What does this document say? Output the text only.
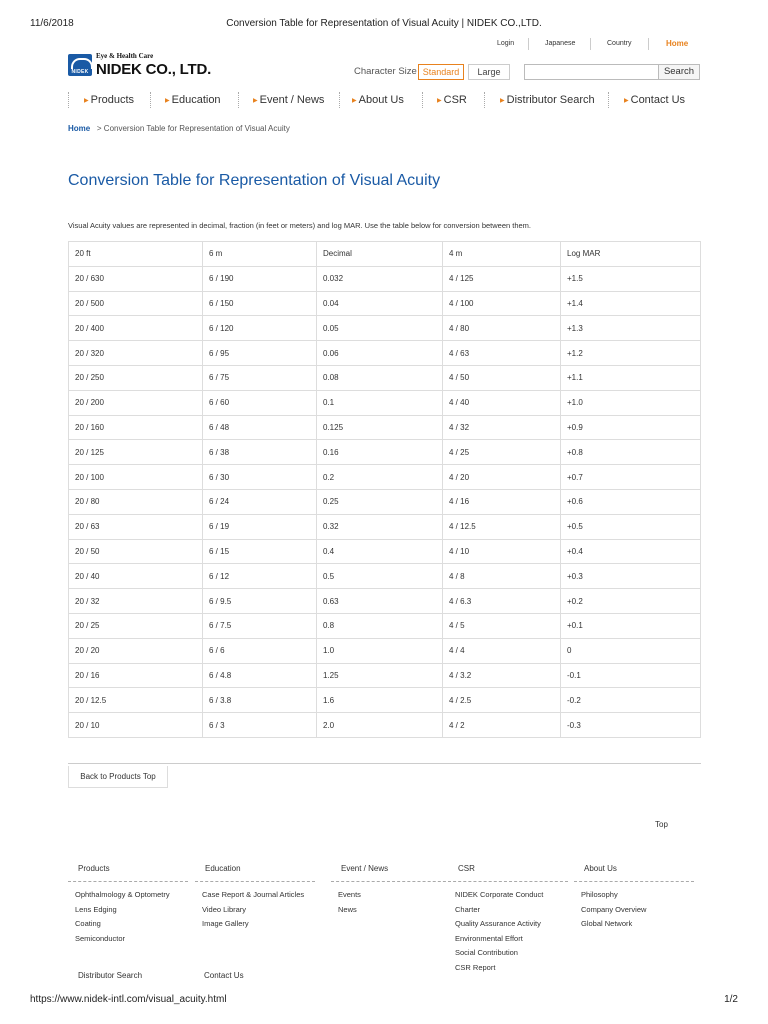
11/6/2018	Conversion Table for Representation of Visual Acuity | NIDEK CO.,LTD.
Login	Japanese	Country	Home
NIDEK
Eye & Health Care
NIDEK CO., LTD.	Character Size Standard	Large	Search
▶ Products	▶ Education	▶ Event / News	▶ About Us	▶ CSR	▶ Distributor Search	▶ Contact Us
Home > Conversion Table for Representation of Visual Acuity
Conversion Table for Representation of Visual Acuity

Visual Acuity values are represented in decimal, fraction (in feet or meters) and log MAR. Use the table below for conversion between them.

20 ft	6 m	Decimal	4 m	Log MAR
20 / 630	6 / 190	0.032	4 / 125	+1.5
20 / 500	6 / 150	0.04	4 / 100	+1.4
20 / 400	6 / 120	0.05	4 / 80	+1.3
20 / 320	6 / 95	0.06	4 / 63	+1.2
20 / 250	6 / 75	0.08	4 / 50	+1.1
20 / 200	6 / 60	0.1	4 / 40	+1.0
20 / 160	6 / 48	0.125	4 / 32	+0.9
20 / 125	6 / 38	0.16	4 / 25	+0.8
20 / 100	6 / 30	0.2	4 / 20	+0.7
20 / 80	6 / 24	0.25	4 / 16	+0.6
20 / 63	6 / 19	0.32	4 / 12.5	+0.5
20 / 50	6 / 15	0.4	4 / 10	+0.4
20 / 40	6 / 12	0.5	4 / 8	+0.3
20 / 32	6 / 9.5	0.63	4 / 6.3	+0.2
20 / 25	6 / 7.5	0.8	4 / 5	+0.1
20 / 20	6 / 6	1.0	4 / 4	0
20 / 16	6 / 4.8	1.25	4 / 3.2	-0.1
20 / 12.5	6 / 3.8	1.6	4 / 2.5	-0.2
20 / 10	6 / 3	2.0	4 / 2	-0.3
Back to Products Top
Top
Products
Ophthalmology & Optometry
Lens Edging
Coating
Semiconductor
Education
Case Report & Journal Articles
Video Library
Image Gallery
Event / News
Events
News
CSR
NIDEK Corporate Conduct
Charter
Quality Assurance Activity
Environmental Effort
Social Contribution
CSR Report
About Us
Philosophy
Company Overview
Global Network
Distributor Search	Contact Us
https://www.nidek-intl.com/visual_acuity.html	1/2
